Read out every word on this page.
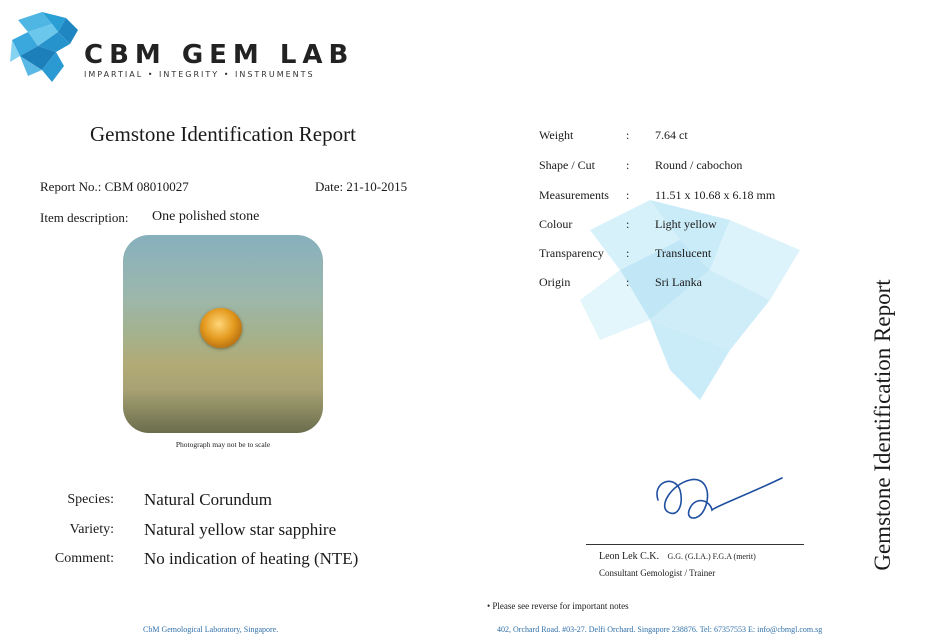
CBM GEM LAB
IMPARTIAL • INTEGRITY • INSTRUMENTS
Gemstone Identification Report
Report No.: CBM 08010027	Date: 21-10-2015
Item description: One polished stone
Photograph may not be to scale
Species: Natural Corundum
Variety: Natural yellow star sapphire
Comment: No indication of heating (NTE)
Weight	: 7.64 ct
Shape / Cut	: Round / cabochon
Measurements : 11.51 x 10.68 x 6.18 mm
Colour	: Light yellow
Transparency : Translucent
Origin	: Sri Lanka
Leon Lek C.K. G.G. (G.I.A.) F.G.A (merit)
Consultant Gemologist / Trainer
Gemstone Identification Report
• Please see reverse for important notes
CbM Gemological Laboratory, Singapore.	402, Orchard Road. #03-27. Delfi Orchard. Singapore 238876. Tel: 67357553 E: info@cbmgl.com.sg
